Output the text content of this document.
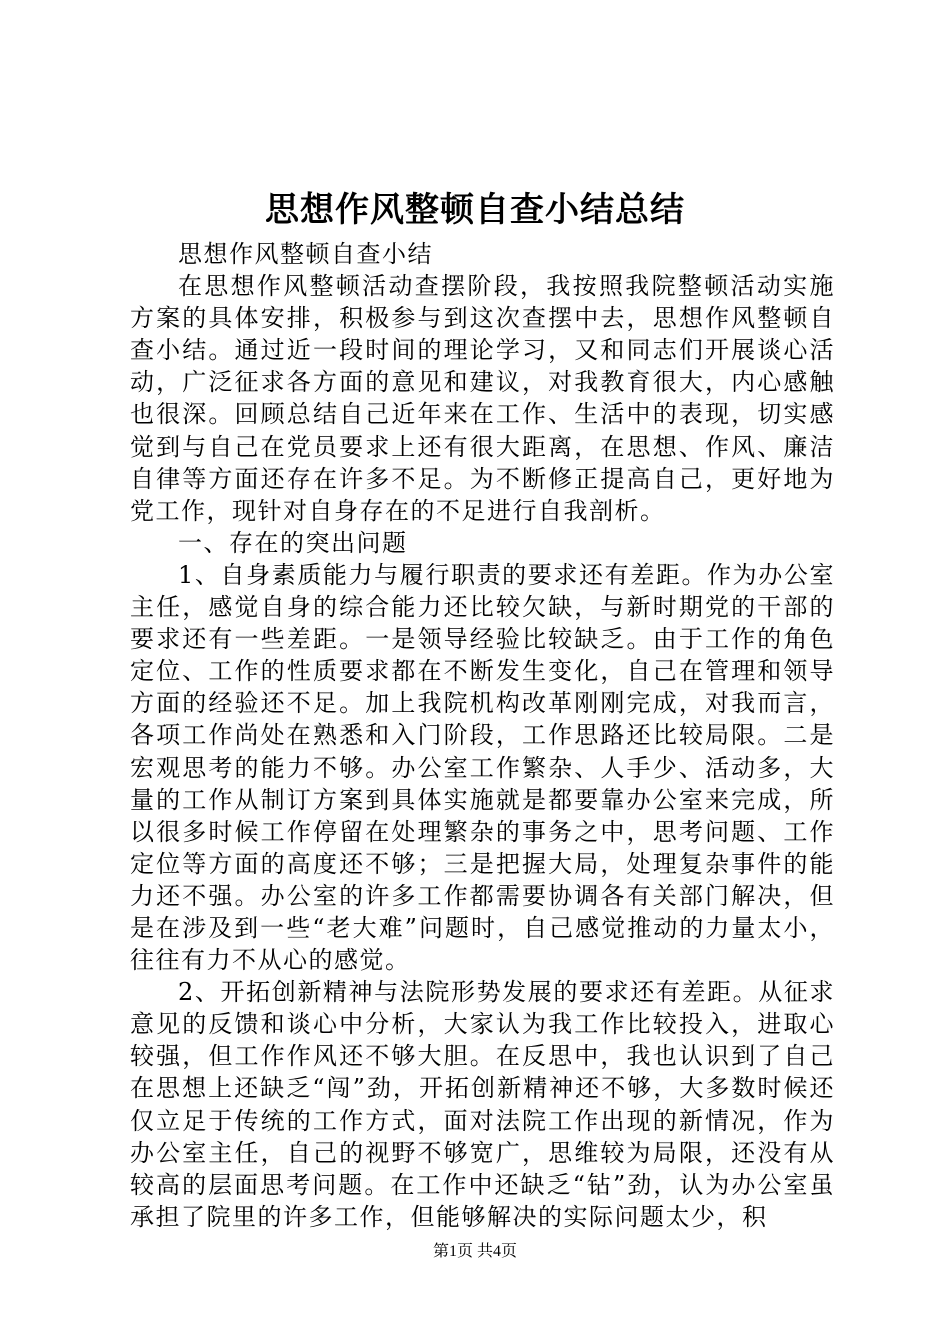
思想作风整顿自查小结总结

思想作风整顿自查小结

在思想作风整顿活动查摆阶段，我按照我院整顿活动实施方案的具体安排，积极参与到这次查摆中去，思想作风整顿自查小结。通过近一段时间的理论学习，又和同志们开展谈心活动，广泛征求各方面的意见和建议，对我教育很大，内心感触也很深。回顾总结自己近年来在工作、生活中的表现，切实感觉到与自己在党员要求上还有很大距离，在思想、作风、廉洁自律等方面还存在许多不足。为不断修正提高自己，更好地为党工作，现针对自身存在的不足进行自我剖析。

一、存在的突出问题

1、自身素质能力与履行职责的要求还有差距。作为办公室主任，感觉自身的综合能力还比较欠缺，与新时期党的干部的要求还有一些差距。一是领导经验比较缺乏。由于工作的角色定位、工作的性质要求都在不断发生变化，自己在管理和领导方面的经验还不足。加上我院机构改革刚刚完成，对我而言，各项工作尚处在熟悉和入门阶段，工作思路还比较局限。二是宏观思考的能力不够。办公室工作繁杂、人手少、活动多，大量的工作从制订方案到具体实施就是都要靠办公室来完成，所以很多时候工作停留在处理繁杂的事务之中，思考问题、工作定位等方面的高度还不够；三是把握大局，处理复杂事件的能力还不强。办公室的许多工作都需要协调各有关部门解决，但是在涉及到一些“老大难”问题时，自己感觉推动的力量太小，往往有力不从心的感觉。

2、开拓创新精神与法院形势发展的要求还有差距。从征求意见的反馈和谈心中分析，大家认为我工作比较投入，进取心较强，但工作作风还不够大胆。在反思中，我也认识到了自己在思想上还缺乏“闯”劲，开拓创新精神还不够，大多数时候还仅立足于传统的工作方式，面对法院工作出现的新情况，作为办公室主任，自己的视野不够宽广，思维较为局限，还没有从较高的层面思考问题。在工作中还缺乏“钻”劲，认为办公室虽承担了院里的许多工作，但能够解决的实际问题太少，积

第1页 共4页
